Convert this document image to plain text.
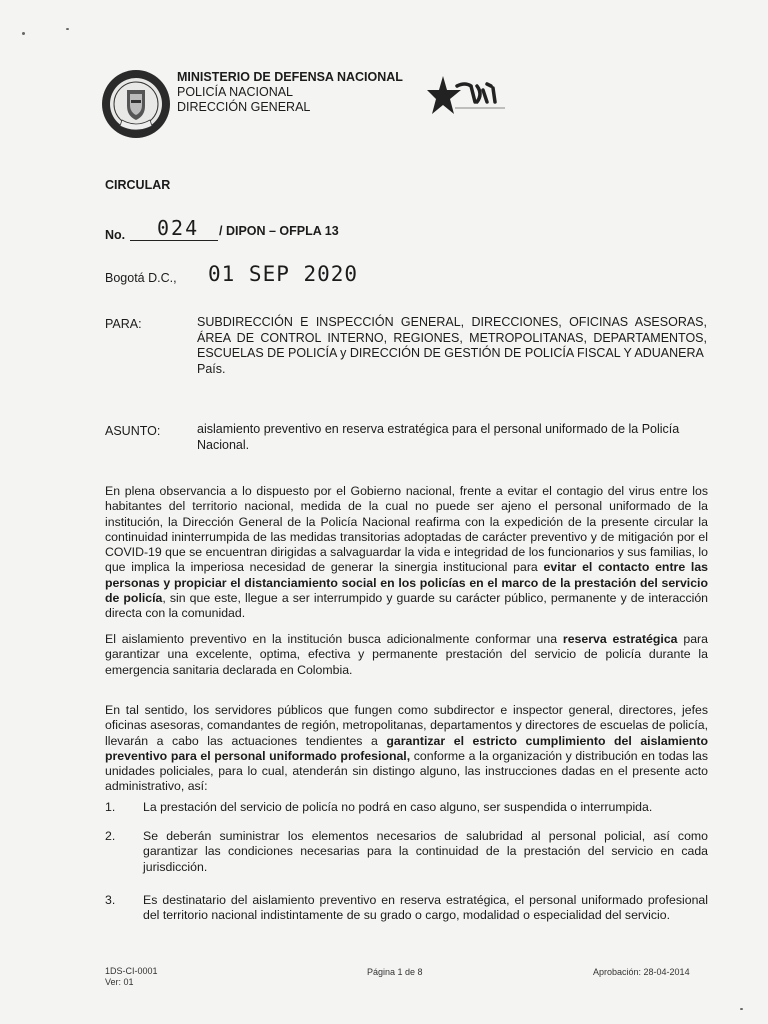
MINISTERIO DE DEFENSA NACIONAL
POLICÍA NACIONAL
DIRECCIÓN GENERAL
CIRCULAR
No. 024 / DIPON – OFPLA 13
Bogotá D.C., 01 SEP 2020
PARA:	SUBDIRECCIÓN E INSPECCIÓN GENERAL, DIRECCIONES, OFICINAS ASESORAS, ÁREA DE CONTROL INTERNO, REGIONES, METROPOLITANAS, DEPARTAMENTOS, ESCUELAS DE POLICÍA y DIRECCIÓN DE GESTIÓN DE POLICÍA FISCAL Y ADUANERA
País.
ASUNTO:	aislamiento preventivo en reserva estratégica para el personal uniformado de la Policía Nacional.

En plena observancia a lo dispuesto por el Gobierno nacional, frente a evitar el contagio del virus entre los habitantes del territorio nacional, medida de la cual no puede ser ajeno el personal uniformado de la institución, la Dirección General de la Policía Nacional reafirma con la expedición de la presente circular la continuidad ininterrumpida de las medidas transitorias adoptadas de carácter preventivo y de mitigación por el COVID-19 que se encuentran dirigidas a salvaguardar la vida e integridad de los funcionarios y sus familias, lo que implica la imperiosa necesidad de generar la sinergia institucional para evitar el contacto entre las personas y propiciar el distanciamiento social en los policías en el marco de la prestación del servicio de policía, sin que este, llegue a ser interrumpido y guarde su carácter público, permanente y de interacción directa con la comunidad.

El aislamiento preventivo en la institución busca adicionalmente conformar una reserva estratégica para garantizar una excelente, optima, efectiva y permanente prestación del servicio de policía durante la emergencia sanitaria declarada en Colombia.

En tal sentido, los servidores públicos que fungen como subdirector e inspector general, directores, jefes oficinas asesoras, comandantes de región, metropolitanas, departamentos y directores de escuelas de policía, llevarán a cabo las actuaciones tendientes a garantizar el estricto cumplimiento del aislamiento preventivo para el personal uniformado profesional, conforme a la organización y distribución en todas las unidades policiales, para lo cual, atenderán sin distingo alguno, las instrucciones dadas en el presente acto administrativo, así:

1. La prestación del servicio de policía no podrá en caso alguno, ser suspendida o interrumpida.
2. Se deberán suministrar los elementos necesarios de salubridad al personal policial, así como garantizar las condiciones necesarias para la continuidad de la prestación del servicio en cada jurisdicción.
3. Es destinatario del aislamiento preventivo en reserva estratégica, el personal uniformado profesional del territorio nacional indistintamente de su grado o cargo, modalidad o especialidad del servicio.
1DS-CI-0001
Ver: 01
Página 1 de 8	Aprobación: 28-04-2014
